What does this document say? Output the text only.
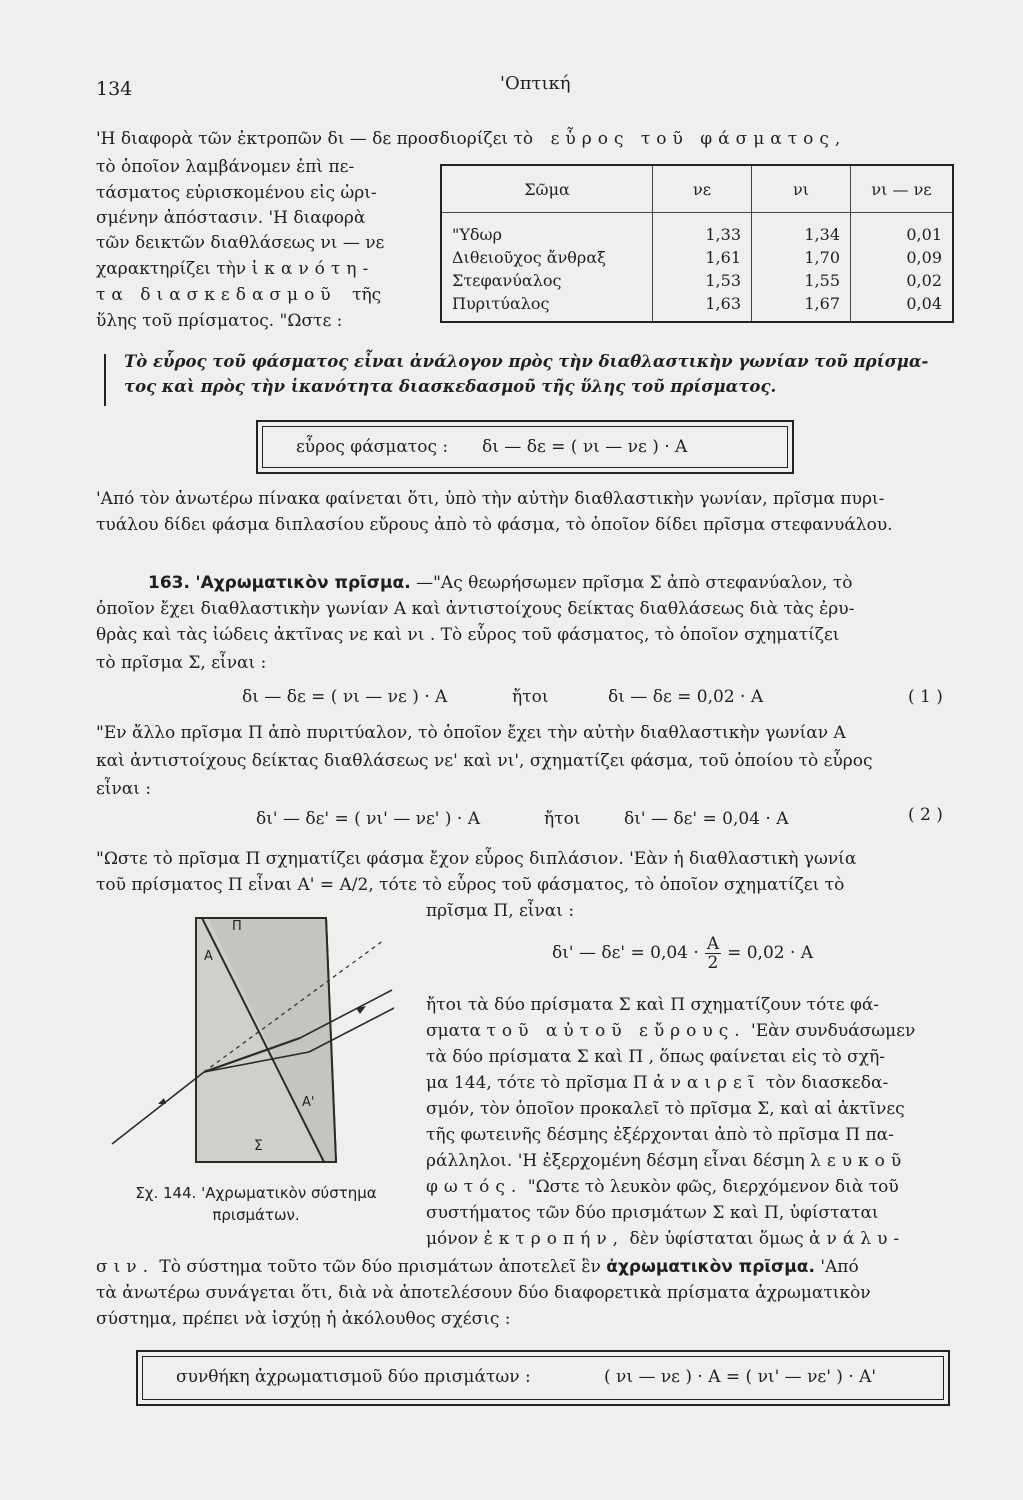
134	'Οπτική
'Η διαφορὰ τῶν ἐκτροπῶν δι — δε προσδιορίζει τὸ εὗρος τοῦ φάσματος,
τὸ ὁποῖον λαμβάνομεν ἐπὶ πε-
τάσματος εὑρισκομένου εἰς ὡρι-
σμένην ἀπόστασιν. 'Η διαφορὰ
τῶν δεικτῶν διαθλάσεως νι — νε
χαρακτηρίζει τὴν ἱκανότη-
τα διασκεδασμοῦ τῆς
ὕλης τοῦ πρίσματος. "Ωστε :
Σῶμα	νε	νι	νι — νε
"Υδωρ	1,33	1,34	0,01
Διθειοῦχος ἄνθραξ	1,61	1,70	0,09
Στεφανύαλος	1,53	1,55	0,02
Πυριτύαλος	1,63	1,67	0,04
Τὸ εὗρος τοῦ φάσματος εἶναι ἀνάλογον πρὸς τὴν διαθλαστικὴν γωνίαν τοῦ πρίσμα-
τος καὶ πρὸς τὴν ἱκανότητα διασκεδασμοῦ τῆς ὕλης τοῦ πρίσματος.
εὗρος φάσματος : δι — δε = ( νι — νε ) · Α
'Από τὸν ἀνωτέρω πίνακα φαίνεται ὅτι, ὑπὸ τὴν αὐτὴν διαθλαστικὴν γωνίαν, πρῖσμα πυρι-
τυάλου δίδει φάσμα διπλασίου εὔρους ἀπὸ τὸ φάσμα, τὸ ὁποῖον δίδει πρῖσμα στεφανυάλου.
163. 'Αχρωματικὸν πρῖσμα. —"Ας θεωρήσωμεν πρῖσμα Σ ἀπὸ στεφανύαλον, τὸ
ὁποῖον ἔχει διαθλαστικὴν γωνίαν Α καὶ ἀντιστοίχους δείκτας διαθλάσεως διὰ τὰς ἐρυ-
θρὰς καὶ τὰς ἰώδεις ἀκτῖνας νε καὶ νι . Τὸ εὗρος τοῦ φάσματος, τὸ ὁποῖον σχηματίζει
τὸ πρῖσμα Σ, εἶναι :
δι — δε = ( νι — νε ) · Α	ἤτοι	δι — δε = 0,02 · Α	( 1 )
"Εν ἄλλο πρῖσμα Π ἀπὸ πυριτύαλον, τὸ ὁποῖον ἔχει τὴν αὐτὴν διαθλαστικὴν γωνίαν Α
καὶ ἀντιστοίχους δείκτας διαθλάσεως νε' καὶ νι', σχηματίζει φάσμα, τοῦ ὁποίου τὸ εὗρος
εἶναι :
δι' — δε' = ( νι' — νε' ) · Α	ἤτοι	δι' — δε' = 0,04 · Α	( 2 )
"Ωστε τὸ πρῖσμα Π σχηματίζει φάσμα ἔχον εὗρος διπλάσιον. 'Εὰν ἡ διαθλαστικὴ γωνία
τοῦ πρίσματος Π εἶναι Α' = Α/2, τότε τὸ εὗρος τοῦ φάσματος, τὸ ὁποῖον σχηματίζει τὸ
πρῖσμα Π, εἶναι :
δι' — $\delta\varepsilon' = 0,04 \cdot \frac{A}{2} = 0,02 \cdot A$
Π
Α
Α'
Σ
Σχ. 144. 'Αχρωματικὸν σύστημα
πρισμάτων.
ἤτοι τὰ δύο πρίσματα Σ καὶ Π σχηματίζουν τότε φά-
σματα τοῦ αὐτοῦ εὔρους. 'Εὰν συνδυάσωμεν
τὰ δύο πρίσματα Σ καὶ Π , ὅπως φαίνεται εἰς τὸ σχῆ-
μα 144, τότε τὸ πρῖσμα Π ἀναιρεῖ τὸν διασκεδα-
σμόν, τὸν ὁποῖον προκαλεῖ τὸ πρῖσμα Σ, καὶ αἱ ἀκτῖνες
τῆς φωτεινῆς δέσμης ἐξέρχονται ἀπὸ τὸ πρῖσμα Π πα-
ράλληλοι. 'Η ἐξερχομένη δέσμη εἶναι δέσμη λευκοῦ
φωτός. "Ωστε τὸ λευκὸν φῶς, διερχόμενον διὰ τοῦ
συστήματος τῶν δύο πρισμάτων Σ καὶ Π, ὑφίσταται
μόνον ἐκτροπήν, δὲν ὑφίσταται ὅμως ἀνάλυ-
σιν. Τὸ σύστημα τοῦτο τῶν δύο πρισμάτων ἀποτελεῖ ἓν ἀχρωματικὸν πρῖσμα. 'Από
τὰ ἀνωτέρω συνάγεται ὅτι, διὰ νὰ ἀποτελέσουν δύο διαφορετικὰ πρίσματα ἀχρωματικὸν
σύστημα, πρέπει νὰ ἰσχύῃ ἡ ἀκόλουθος σχέσις :
συνθήκη ἀχρωματισμοῦ δύο πρισμάτων :	( νι — νε ) · Α = ( νι' — νε' ) · Α'
